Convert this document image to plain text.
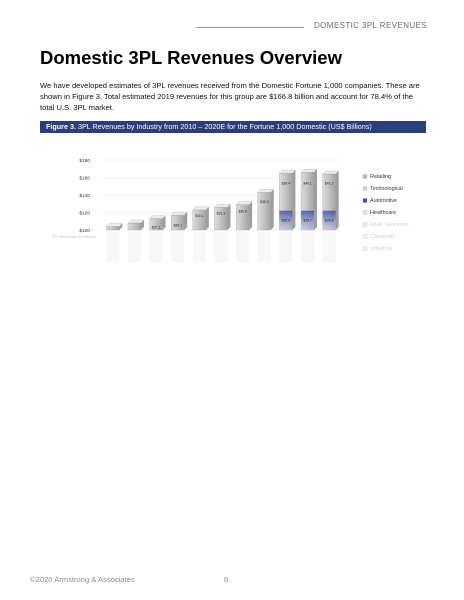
DOMESTIC 3PL REVENUES
Domestic 3PL Revenues Overview
We have developed estimates of 3PL revenues received from the Domestic Fortune 1,000 companies. These are shown in Figure 3. Total estimated 2019 revenues for this group are $166.8 billion and account for 78.4% of the total U.S. 3PL market.
Figure 3. 3PL Revenues by Industry from 2010 – 2020E for the Fortune 1,000 Domestic (US$ Billions)
$100
$120
$140
$160
$180
3PL Revenues (in Billions)
$39.4	$40.1	$41.2
$35.3
$31.3	$30.8
$30.1
$28.1
$27.1
$35.0	$35.7	$36.8
Retailing
Technological
Automotive
Healthcare
Food, Groceries
Chemicals
Industrial
©2020 Armstrong & Associates	6
